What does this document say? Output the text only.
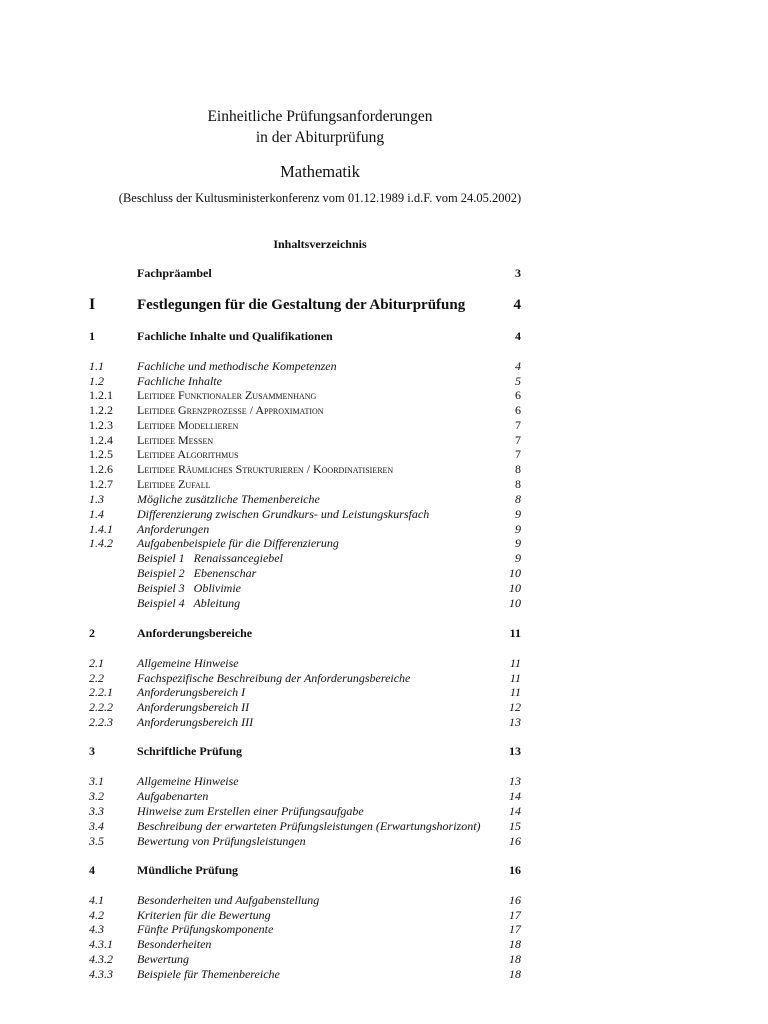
Einheitliche Prüfungsanforderungen
in der Abiturprüfung
Mathematik
(Beschluss der Kultusministerkonferenz vom 01.12.1989 i.d.F. vom 24.05.2002)
Inhaltsverzeichnis
Fachpräambel	3
I	Festlegungen für die Gestaltung der Abiturprüfung	4
1	Fachliche Inhalte und Qualifikationen	4
1.1	Fachliche und methodische Kompetenzen	4
1.2	Fachliche Inhalte	5
1.2.1 Leitidee Funktionaler Zusammenhang	6
1.2.2 Leitidee Grenzprozesse / Approximation	6
1.2.3 Leitidee Modellieren	7
1.2.4 Leitidee Messen	7
1.2.5 Leitidee Algorithmus	7
1.2.6 Leitidee Räumliches Strukturieren / Koordinatisieren	8
1.2.7 Leitidee Zufall	8
1.3	Mögliche zusätzliche Themenbereiche	8
1.4	Differenzierung zwischen Grundkurs- und Leistungskursfach	9
1.4.1 Anforderungen	9
1.4.2 Aufgabenbeispiele für die Differenzierung	9
Beispiel 1   Renaissancegiebel	9
Beispiel 2   Ebenenschar	10
Beispiel 3   Oblivimie	10
Beispiel 4   Ableitung	10
2	Anforderungsbereiche	11
2.1	Allgemeine Hinweise	11
2.2	Fachspezifische Beschreibung der Anforderungsbereiche	11
2.2.1 Anforderungsbereich I	11
2.2.2 Anforderungsbereich II	12
2.2.3 Anforderungsbereich III	13
3	Schriftliche Prüfung	13
3.1	Allgemeine Hinweise	13
3.2	Aufgabenarten	14
3.3	Hinweise zum Erstellen einer Prüfungsaufgabe	14
3.4	Beschreibung der erwarteten Prüfungsleistungen (Erwartungshorizont) 15
3.5	Bewertung von Prüfungsleistungen	16
4	Mündliche Prüfung	16
4.1	Besonderheiten und Aufgabenstellung	16
4.2	Kriterien für die Bewertung	17
4.3	Fünfte Prüfungskomponente	17
4.3.1 Besonderheiten	18
4.3.2 Bewertung	18
4.3.3 Beispiele für Themenbereiche	18
